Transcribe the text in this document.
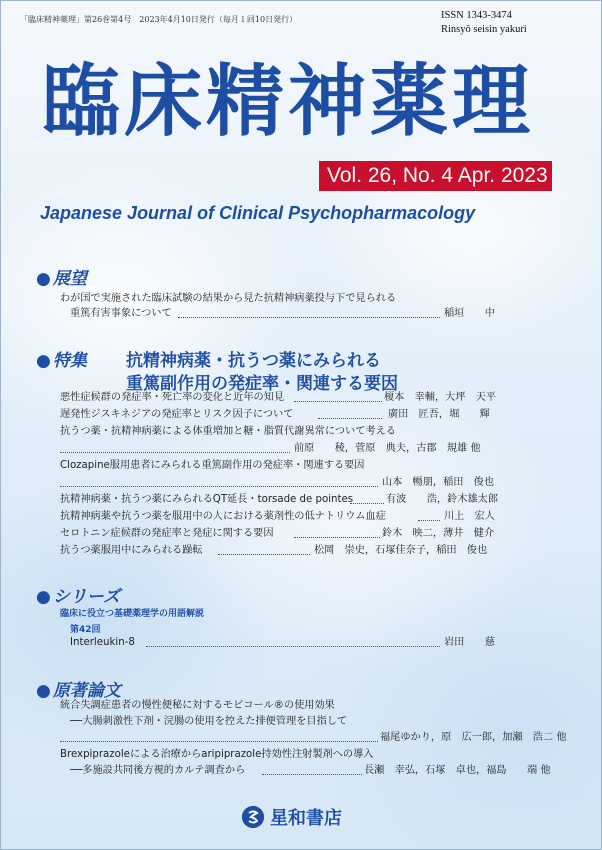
「臨床精神薬理」第26巻第4号　2023年4月10日発行（毎月１回10日発行）	ISSN 1343-3474
Rinsyō seisin yakuri
臨床精神薬理
Vol. 26, No. 4 Apr. 2023
Japanese Journal of Clinical Psychopharmacology
● 展望
わが国で実施された臨床試験の結果から見た抗精神病薬投与下で見られる
重篤有害事象について	稲垣　　中
● 特集 抗精神病薬・抗うつ薬にみられる
重篤副作用の発症率・関連する要因
悪性症候群の発症率・死亡率の変化と近年の知見	榎本　幸輔，大坪　天平
遅発性ジスキネジアの発症率とリスク因子について	廣田　匠吾，堀　　輝
抗うつ薬・抗精神病薬による体重増加と糖・脂質代謝異常について考える
前原　　稜，菅原　典夫，古郡　規雄 他
Clozapine服用患者にみられる重篤副作用の発症率・関連する要因
山本　暢朋，稲田　俊也
抗精神病薬・抗うつ薬にみられるQT延長・torsade de pointes	有波　　浩，鈴木雄太郎
抗精神病薬や抗うつ薬を服用中の人における薬剤性の低ナトリウム血症	川上　宏人
セロトニン症候群の発症率と発症に関する要因	鈴木　映二，薄井　健介
抗うつ薬服用中にみられる躁転	松岡　崇史，石塚佳奈子，稲田　俊也
● シリーズ
臨床に役立つ基礎薬理学の用語解説
第42回
Interleukin-8	岩田　　慈
● 原著論文
統合失調症患者の慢性便秘に対するモビコール®の使用効果
──大腸刺激性下剤・浣腸の使用を控えた排便管理を目指して
福尾ゆかり，原　広一郎，加瀬　浩二 他
Brexpiprazoleによる治療からaripiprazole持効性注射製剤への導入
──多施設共同後方視的カルテ調査から	長瀬　幸弘，石塚　卓也，福島　　端 他
星和書店
